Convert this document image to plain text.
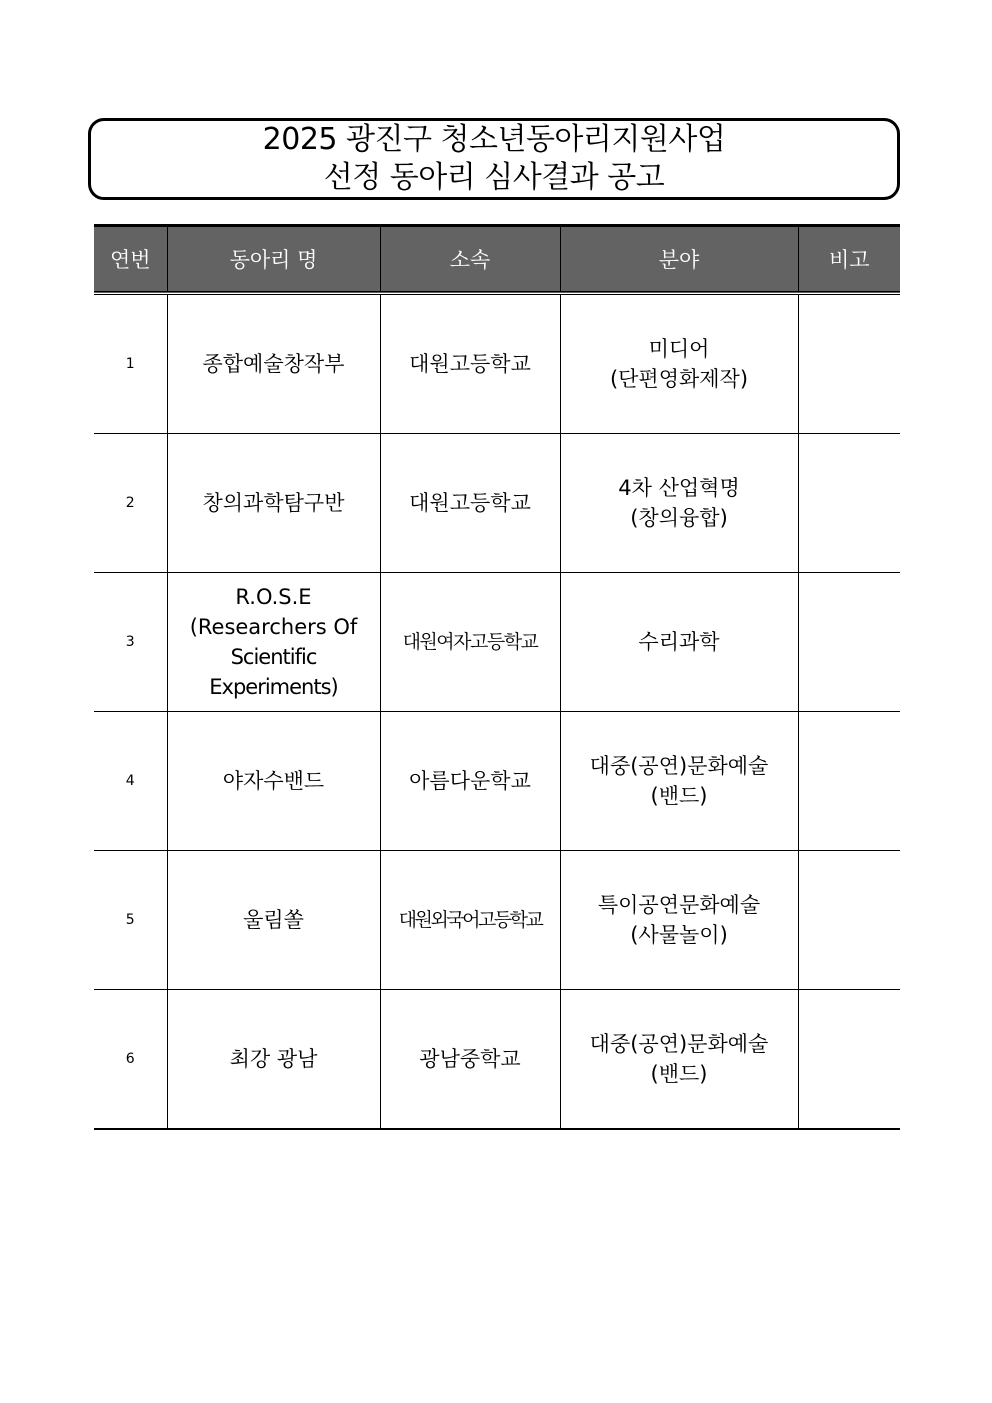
2025 광진구 청소년동아리지원사업
선정 동아리 심사결과 공고
연번	동아리 명	소속	분야	비고
1	종합예술창작부	대원고등학교	미디어
(단편영화제작)	

2	창의과학탐구반	대원고등학교	4차 산업혁명
(창의융합)	

3	R.O.S.E
(Researchers Of
Scientific
Experiments)	대원여자고등학교	수리과학	

4	야자수밴드	아름다운학교	대중(공연)문화예술
(밴드)	

5	울림쏠	대원외국어고등학교	특이공연문화예술
(사물놀이)	

6	최강 광남	광남중학교	대중(공연)문화예술
(밴드)	
